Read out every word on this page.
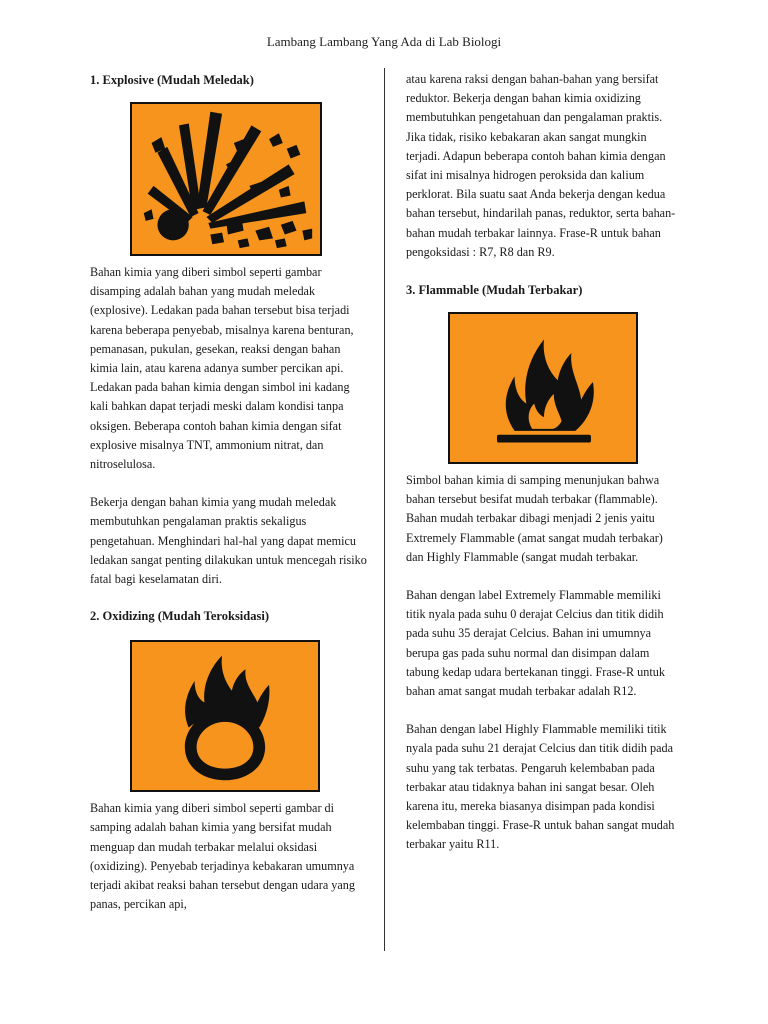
Lambang Lambang Yang Ada di Lab Biologi
1. Explosive (Mudah Meledak)

Bahan kimia yang diberi simbol seperti gambar disamping adalah bahan yang mudah meledak (explosive). Ledakan pada bahan tersebut bisa terjadi karena beberapa penyebab, misalnya karena benturan, pemanasan, pukulan, gesekan, reaksi dengan bahan kimia lain, atau karena adanya sumber percikan api. Ledakan pada bahan kimia dengan simbol ini kadang kali bahkan dapat terjadi meski dalam kondisi tanpa oksigen. Beberapa contoh bahan kimia dengan sifat explosive misalnya TNT, ammonium nitrat, dan nitroselulosa.

Bekerja dengan bahan kimia yang mudah meledak membutuhkan pengalaman praktis sekaligus pengetahuan. Menghindari hal-hal yang dapat memicu ledakan sangat penting dilakukan untuk mencegah risiko fatal bagi keselamatan diri.

2. Oxidizing (Mudah Teroksidasi)

Bahan kimia yang diberi simbol seperti gambar di samping adalah bahan kimia yang bersifat mudah menguap dan mudah terbakar melalui oksidasi (oxidizing). Penyebab terjadinya kebakaran umumnya terjadi akibat reaksi bahan tersebut dengan udara yang panas, percikan api,

atau karena raksi dengan bahan-bahan yang bersifat reduktor. Bekerja dengan bahan kimia oxidizing membutuhkan pengetahuan dan pengalaman praktis. Jika tidak, risiko kebakaran akan sangat mungkin terjadi. Adapun beberapa contoh bahan kimia dengan sifat ini misalnya hidrogen peroksida dan kalium perklorat. Bila suatu saat Anda bekerja dengan kedua bahan tersebut, hindarilah panas, reduktor, serta bahan-bahan mudah terbakar lainnya. Frase-R untuk bahan pengoksidasi : R7, R8 dan R9.

3. Flammable (Mudah Terbakar)

Simbol bahan kimia di samping menunjukan bahwa bahan tersebut besifat mudah terbakar (flammable). Bahan mudah terbakar dibagi menjadi 2 jenis yaitu Extremely Flammable (amat sangat mudah terbakar) dan Highly Flammable (sangat mudah terbakar.

Bahan dengan label Extremely Flammable memiliki titik nyala pada suhu 0 derajat Celcius dan titik didih pada suhu 35 derajat Celcius. Bahan ini umumnya berupa gas pada suhu normal dan disimpan dalam tabung kedap udara bertekanan tinggi. Frase-R untuk bahan amat sangat mudah terbakar adalah R12.

Bahan dengan label Highly Flammable memiliki titik nyala pada suhu 21 derajat Celcius dan titik didih pada suhu yang tak terbatas. Pengaruh kelembaban pada terbakar atau tidaknya bahan ini sangat besar. Oleh karena itu, mereka biasanya disimpan pada kondisi kelembaban tinggi. Frase-R untuk bahan sangat mudah terbakar yaitu R11.
